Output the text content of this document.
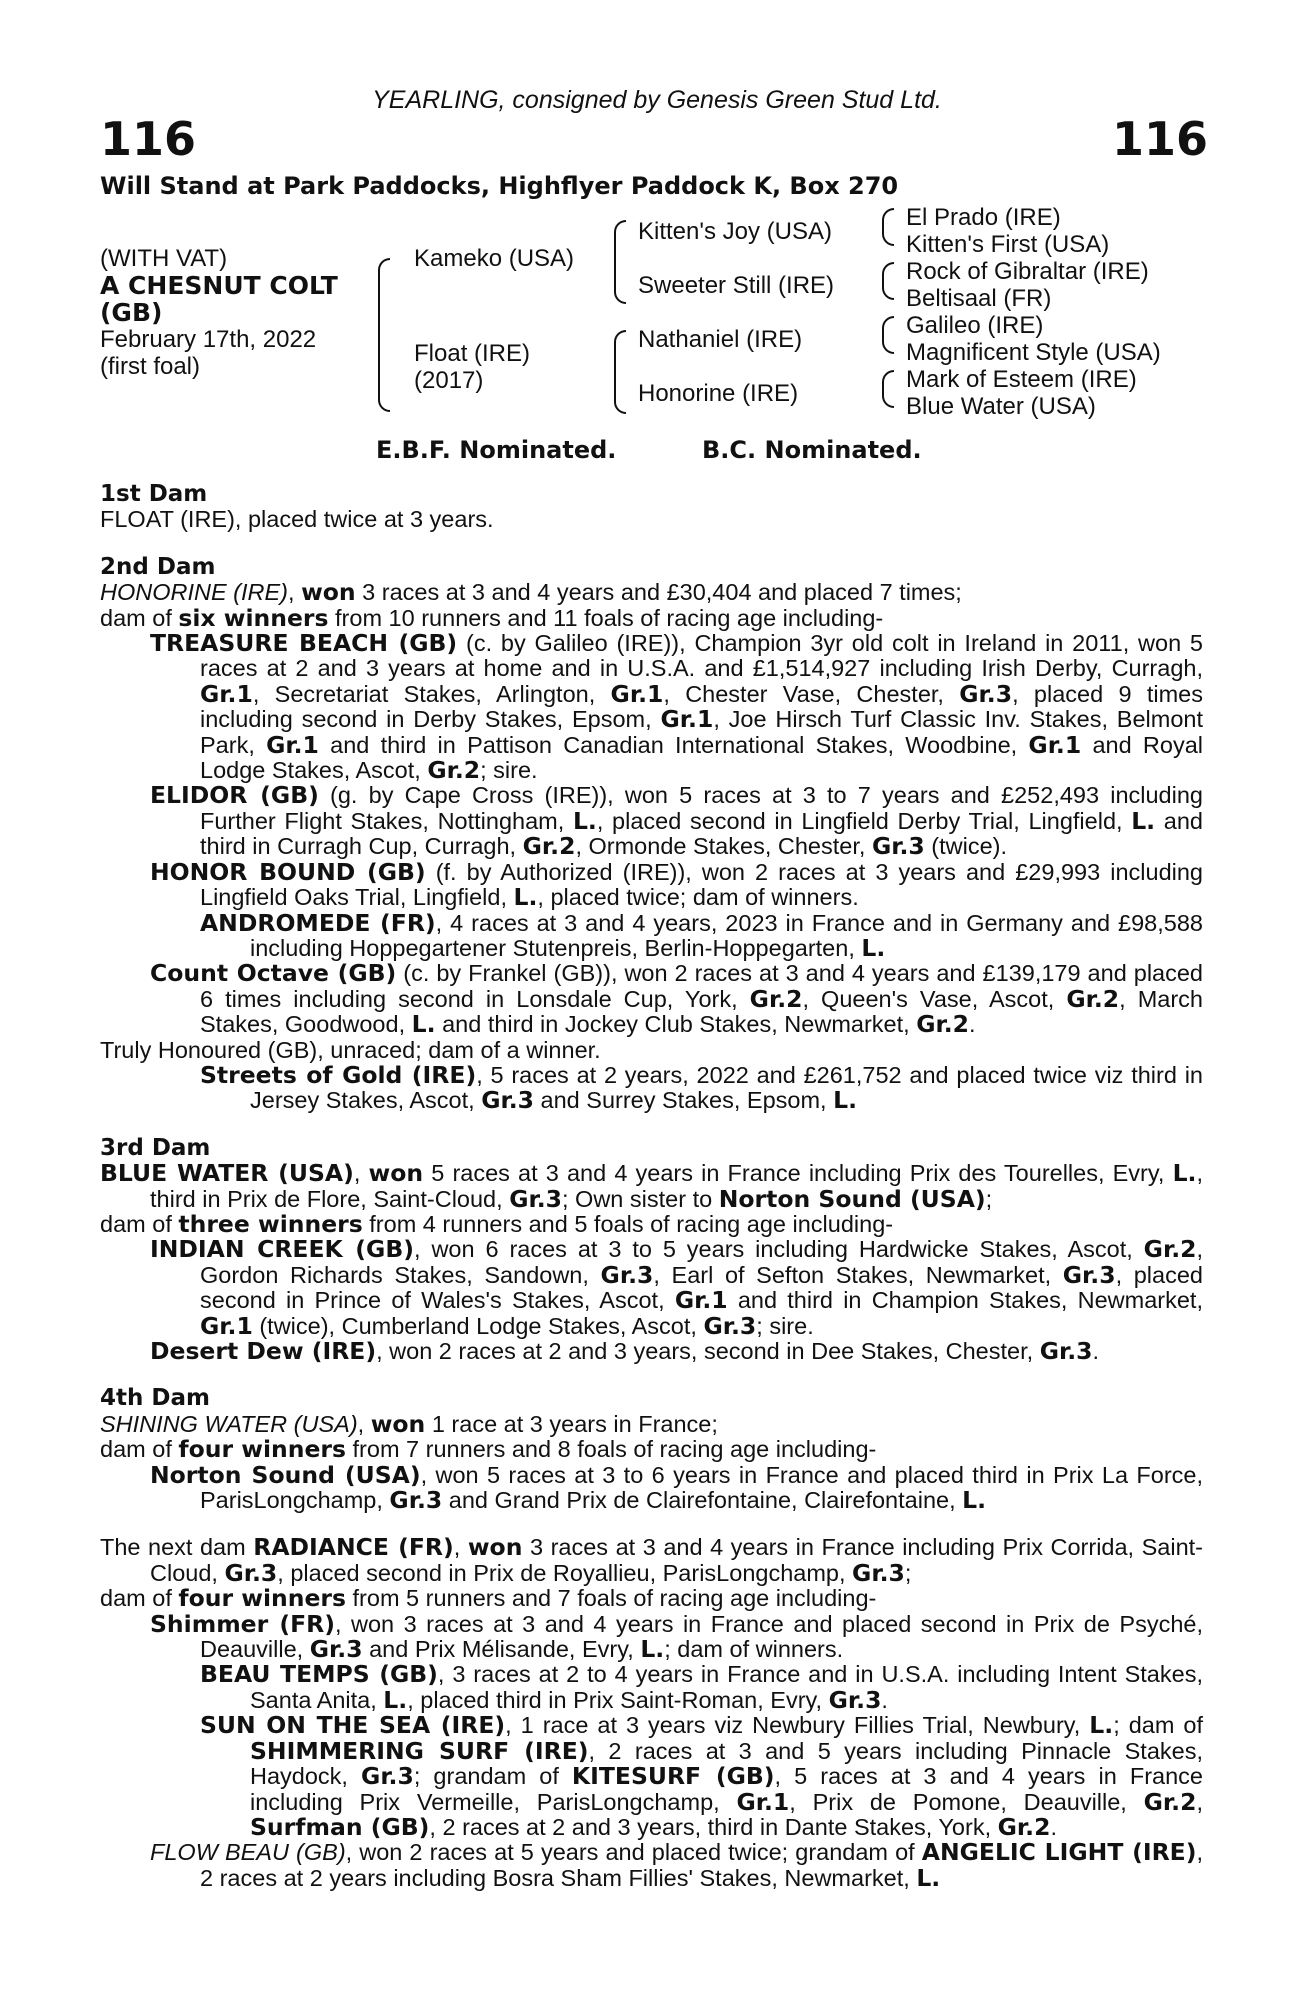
YEARLING, consigned by Genesis Green Stud Ltd.
116	116
Will Stand at Park Paddocks, Highflyer Paddock K, Box 270
(WITH VAT)
A CHESNUT COLT
(GB)
February 17th, 2022
(first foal)
Kameko (USA)
Float (IRE)
(2017)
Kitten's Joy (USA)
Sweeter Still (IRE)
Nathaniel (IRE)
Honorine (IRE)
El Prado (IRE)
Kitten's First (USA)
Rock of Gibraltar (IRE)
Beltisaal (FR)
Galileo (IRE)
Magnificent Style (USA)
Mark of Esteem (IRE)
Blue Water (USA)
E.B.F. Nominated.	B.C. Nominated.
1st Dam
FLOAT (IRE), placed twice at 3 years.
2nd Dam
HONORINE (IRE), won 3 races at 3 and 4 years and £30,404 and placed 7 times;
dam of six winners from 10 runners and 11 foals of racing age including-
TREASURE BEACH (GB) (c. by Galileo (IRE)), Champion 3yr old colt in Ireland in 2011, won 5 races at 2 and 3 years at home and in U.S.A. and £1,514,927 including Irish Derby, Curragh, Gr.1, Secretariat Stakes, Arlington, Gr.1, Chester Vase, Chester, Gr.3, placed 9 times including second in Derby Stakes, Epsom, Gr.1, Joe Hirsch Turf Classic Inv. Stakes, Belmont Park, Gr.1 and third in Pattison Canadian International Stakes, Woodbine, Gr.1 and Royal Lodge Stakes, Ascot, Gr.2; sire.
ELIDOR (GB) (g. by Cape Cross (IRE)), won 5 races at 3 to 7 years and £252,493 including Further Flight Stakes, Nottingham, L., placed second in Lingfield Derby Trial, Lingfield, L. and third in Curragh Cup, Curragh, Gr.2, Ormonde Stakes, Chester, Gr.3 (twice).
HONOR BOUND (GB) (f. by Authorized (IRE)), won 2 races at 3 years and £29,993 including Lingfield Oaks Trial, Lingfield, L., placed twice; dam of winners.
ANDROMEDE (FR), 4 races at 3 and 4 years, 2023 in France and in Germany and £98,588 including Hoppegartener Stutenpreis, Berlin-Hoppegarten, L.
Count Octave (GB) (c. by Frankel (GB)), won 2 races at 3 and 4 years and £139,179 and placed 6 times including second in Lonsdale Cup, York, Gr.2, Queen's Vase, Ascot, Gr.2, March Stakes, Goodwood, L. and third in Jockey Club Stakes, Newmarket, Gr.2.
Truly Honoured (GB), unraced; dam of a winner.
Streets of Gold (IRE), 5 races at 2 years, 2022 and £261,752 and placed twice viz third in Jersey Stakes, Ascot, Gr.3 and Surrey Stakes, Epsom, L.
3rd Dam
BLUE WATER (USA), won 5 races at 3 and 4 years in France including Prix des Tourelles, Evry, L., third in Prix de Flore, Saint-Cloud, Gr.3; Own sister to Norton Sound (USA);
dam of three winners from 4 runners and 5 foals of racing age including-
INDIAN CREEK (GB), won 6 races at 3 to 5 years including Hardwicke Stakes, Ascot, Gr.2, Gordon Richards Stakes, Sandown, Gr.3, Earl of Sefton Stakes, Newmarket, Gr.3, placed second in Prince of Wales's Stakes, Ascot, Gr.1 and third in Champion Stakes, Newmarket, Gr.1 (twice), Cumberland Lodge Stakes, Ascot, Gr.3; sire.
Desert Dew (IRE), won 2 races at 2 and 3 years, second in Dee Stakes, Chester, Gr.3.
4th Dam
SHINING WATER (USA), won 1 race at 3 years in France;
dam of four winners from 7 runners and 8 foals of racing age including-
Norton Sound (USA), won 5 races at 3 to 6 years in France and placed third in Prix La Force, ParisLongchamp, Gr.3 and Grand Prix de Clairefontaine, Clairefontaine, L.
The next dam RADIANCE (FR), won 3 races at 3 and 4 years in France including Prix Corrida, Saint-Cloud, Gr.3, placed second in Prix de Royallieu, ParisLongchamp, Gr.3;
dam of four winners from 5 runners and 7 foals of racing age including-
Shimmer (FR), won 3 races at 3 and 4 years in France and placed second in Prix de Psyché, Deauville, Gr.3 and Prix Mélisande, Evry, L.; dam of winners.
BEAU TEMPS (GB), 3 races at 2 to 4 years in France and in U.S.A. including Intent Stakes, Santa Anita, L., placed third in Prix Saint-Roman, Evry, Gr.3.
SUN ON THE SEA (IRE), 1 race at 3 years viz Newbury Fillies Trial, Newbury, L.; dam of SHIMMERING SURF (IRE), 2 races at 3 and 5 years including Pinnacle Stakes, Haydock, Gr.3; grandam of KITESURF (GB), 5 races at 3 and 4 years in France including Prix Vermeille, ParisLongchamp, Gr.1, Prix de Pomone, Deauville, Gr.2, Surfman (GB), 2 races at 2 and 3 years, third in Dante Stakes, York, Gr.2.
FLOW BEAU (GB), won 2 races at 5 years and placed twice; grandam of ANGELIC LIGHT (IRE), 2 races at 2 years including Bosra Sham Fillies' Stakes, Newmarket, L.
